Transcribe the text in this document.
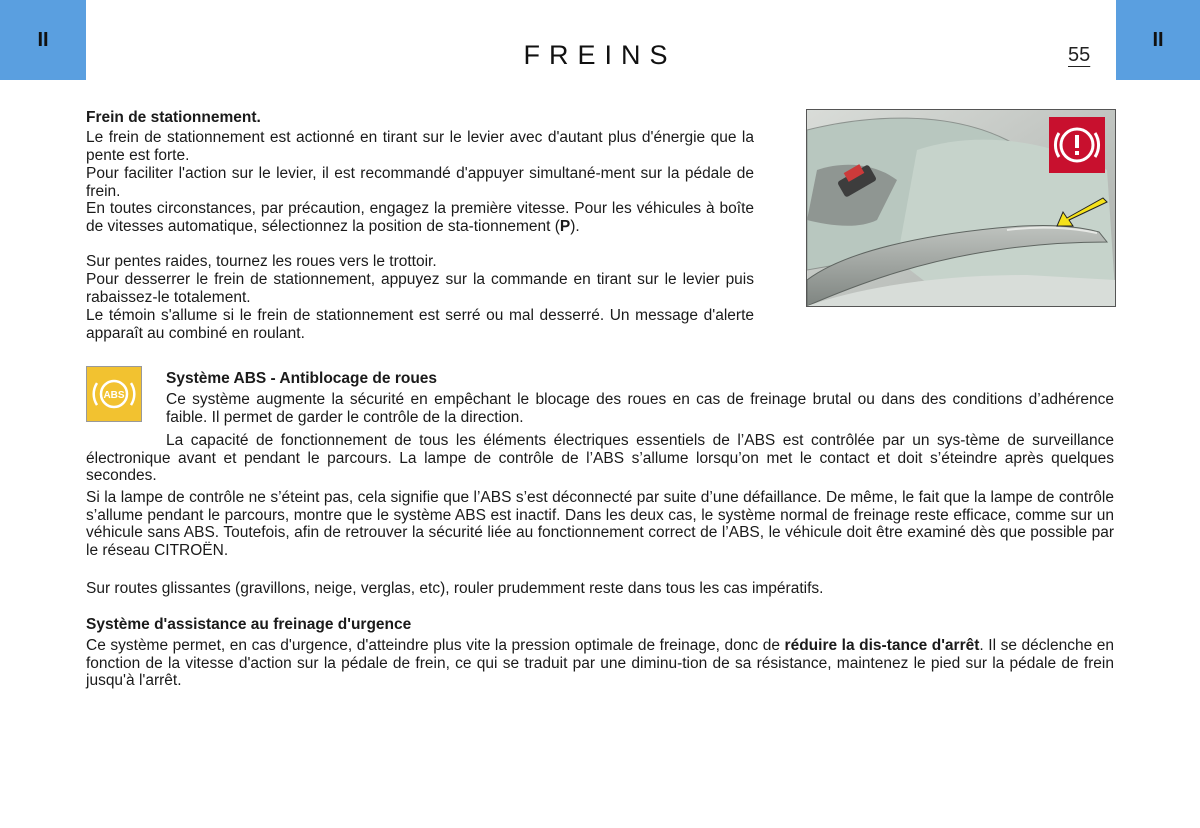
II	II
FREINS	55

Frein de stationnement.

Le frein de stationnement est actionné en tirant sur le levier avec d'autant plus d'énergie que la pente est forte.

Pour faciliter l'action sur le levier, il est recommandé d'appuyer simultané-ment sur la pédale de frein.

En toutes circonstances, par précaution, engagez la première vitesse. Pour les véhicules à boîte de vitesses automatique, sélectionnez la position de sta-tionnement (P).

Sur pentes raides, tournez les roues vers le trottoir.

Pour desserrer le frein de stationnement, appuyez sur la commande en tirant sur le levier puis rabaissez-le totalement.

Le témoin s'allume si le frein de stationnement est serré ou mal desserré. Un message d'alerte apparaît au combiné en roulant.

ABS

Système ABS - Antiblocage de roues

Ce système augmente la sécurité en empêchant le blocage des roues en cas de freinage brutal ou dans des conditions d’adhérence faible. Il permet de garder le contrôle de la direction.

La capacité de fonctionnement de tous les éléments électriques essentiels de l’ABS est contrôlée par un sys-tème de surveillance électronique avant et pendant le parcours. La lampe de contrôle de l’ABS s’allume lorsqu’on met le contact et doit s’éteindre après quelques secondes.

Si la lampe de contrôle ne s’éteint pas, cela signifie que l’ABS s’est déconnecté par suite d’une défaillance. De même, le fait que la lampe de contrôle s’allume pendant le parcours, montre que le système ABS est inactif. Dans les deux cas, le système normal de freinage reste efficace, comme sur un véhicule sans ABS. Toutefois, afin de retrouver la sécurité liée au fonctionnement correct de l’ABS, le véhicule doit être examiné dès que possible par le réseau CITROËN.

Sur routes glissantes (gravillons, neige, verglas, etc), rouler prudemment reste dans tous les cas impératifs.

Système d'assistance au freinage d'urgence

Ce système permet, en cas d'urgence, d'atteindre plus vite la pression optimale de freinage, donc de réduire la dis-tance d'arrêt. Il se déclenche en fonction de la vitesse d'action sur la pédale de frein, ce qui se traduit par une diminu-tion de sa résistance, maintenez le pied sur la pédale de frein jusqu'à l'arrêt.
